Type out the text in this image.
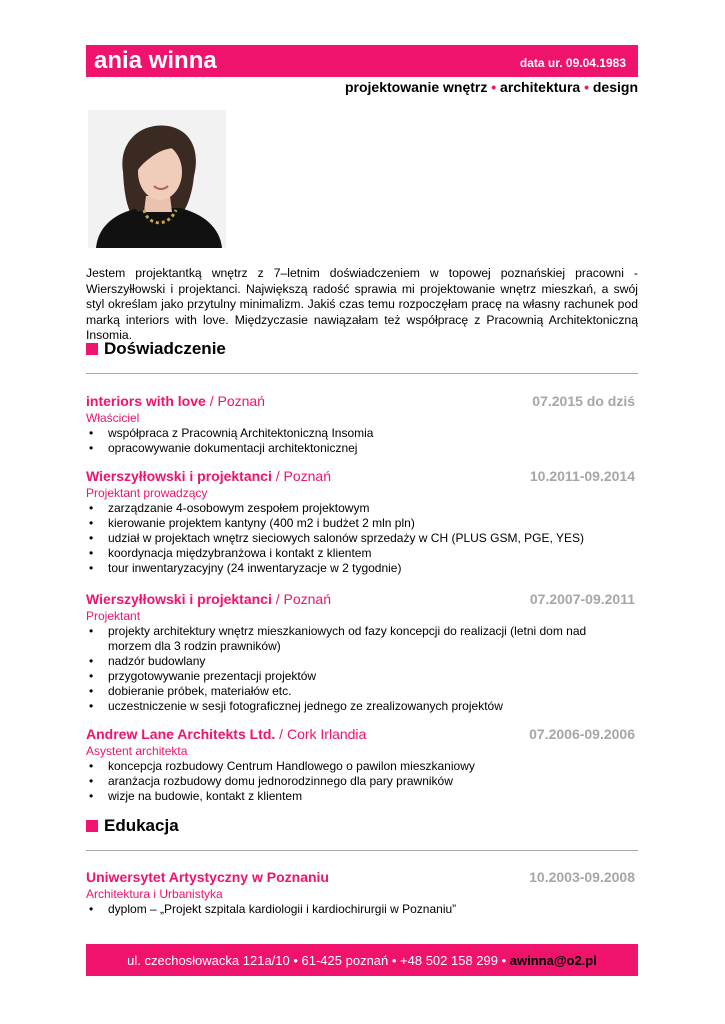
ania winna	data ur. 09.04.1983
projektowanie wnętrz • architektura • design
Jestem projektantką wnętrz z 7–letnim doświadczeniem w topowej poznańskiej pracowni - Wierszyłłowski i projektanci. Największą radość sprawia mi projektowanie wnętrz mieszkań, a swój styl określam jako przytulny minimalizm. Jakiś czas temu rozpoczęłam pracę na własny rachunek pod marką interiors with love. Międzyczasie nawiązałam też współpracę z Pracownią Architektoniczną Insomia.
Doświadczenie
interiors with love / Poznań	07.2015 do dziś
Właściciel
• współpraca z Pracownią Architektoniczną Insomia
• opracowywanie dokumentacji architektonicznej
Wierszyłłowski i projektanci / Poznań	10.2011-09.2014
Projektant prowadzący
• zarządzanie 4-osobowym zespołem projektowym
• kierowanie projektem kantyny (400 m2 i budżet 2 mln pln)
• udział w projektach wnętrz sieciowych salonów sprzedaży w CH (PLUS GSM, PGE, YES)
• koordynacja międzybranżowa i kontakt z klientem
• tour inwentaryzacyjny (24 inwentaryzacje w 2 tygodnie)
Wierszyłłowski i projektanci / Poznań	07.2007-09.2011
Projektant
• projekty architektury wnętrz mieszkaniowych od fazy koncepcji do realizacji (letni dom nad morzem dla 3 rodzin prawników)
• nadzór budowlany
• przygotowywanie prezentacji projektów
• dobieranie próbek, materiałów etc.
• uczestniczenie w sesji fotograficznej jednego ze zrealizowanych projektów
Andrew Lane Architekts Ltd. / Cork Irlandia	07.2006-09.2006
Asystent architekta
• koncepcja rozbudowy Centrum Handlowego o pawilon mieszkaniowy
• aranżacja rozbudowy domu jednorodzinnego dla pary prawników
• wizje na budowie, kontakt z klientem
Edukacja
Uniwersytet Artystyczny w Poznaniu	10.2003-09.2008
Architektura i Urbanistyka
• dyplom – „Projekt szpitala kardiologii i kardiochirurgii w Poznaniu”
ul. czechosłowacka 121a/10 • 61-425 poznań • +48 502 158 299 • awinna@o2.pl
